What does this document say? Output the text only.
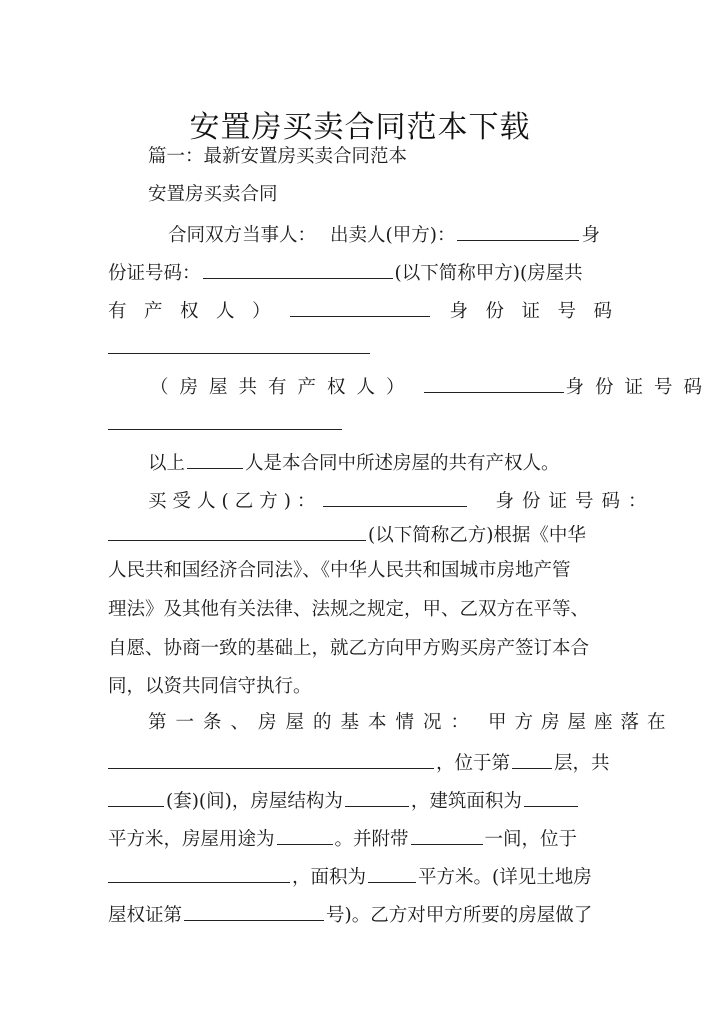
安置房买卖合同范本下载
篇一：最新安置房买卖合同范本
安置房买卖合同
合同双方当事人： 出卖人(甲方)：	身
份证号码：	(以下简称甲方)(房屋共
有 产 权 人 ）	身 份 证 号 码
（房屋共有产权人）	身份证号码
以上	人是本合同中所述房屋的共有产权人。
买受人(乙方)：	身份证号码：
(以下简称乙方)根据《中华
人民共和国经济合同法》、《中华人民共和国城市房地产管
理法》及其他有关法律、法规之规定，甲、乙双方在平等、
自愿、协商一致的基础上，就乙方向甲方购买房产签订本合
同，以资共同信守执行。
第一条、房屋的基本情况： 甲方房屋座落在
，位于第 层，共
(套)(间)，房屋结构为	，建筑面积为
平方米，房屋用途为	。并附带	一间，位于
，面积为	平方米。(详见土地房
屋权证第	号)。乙方对甲方所要的房屋做了
